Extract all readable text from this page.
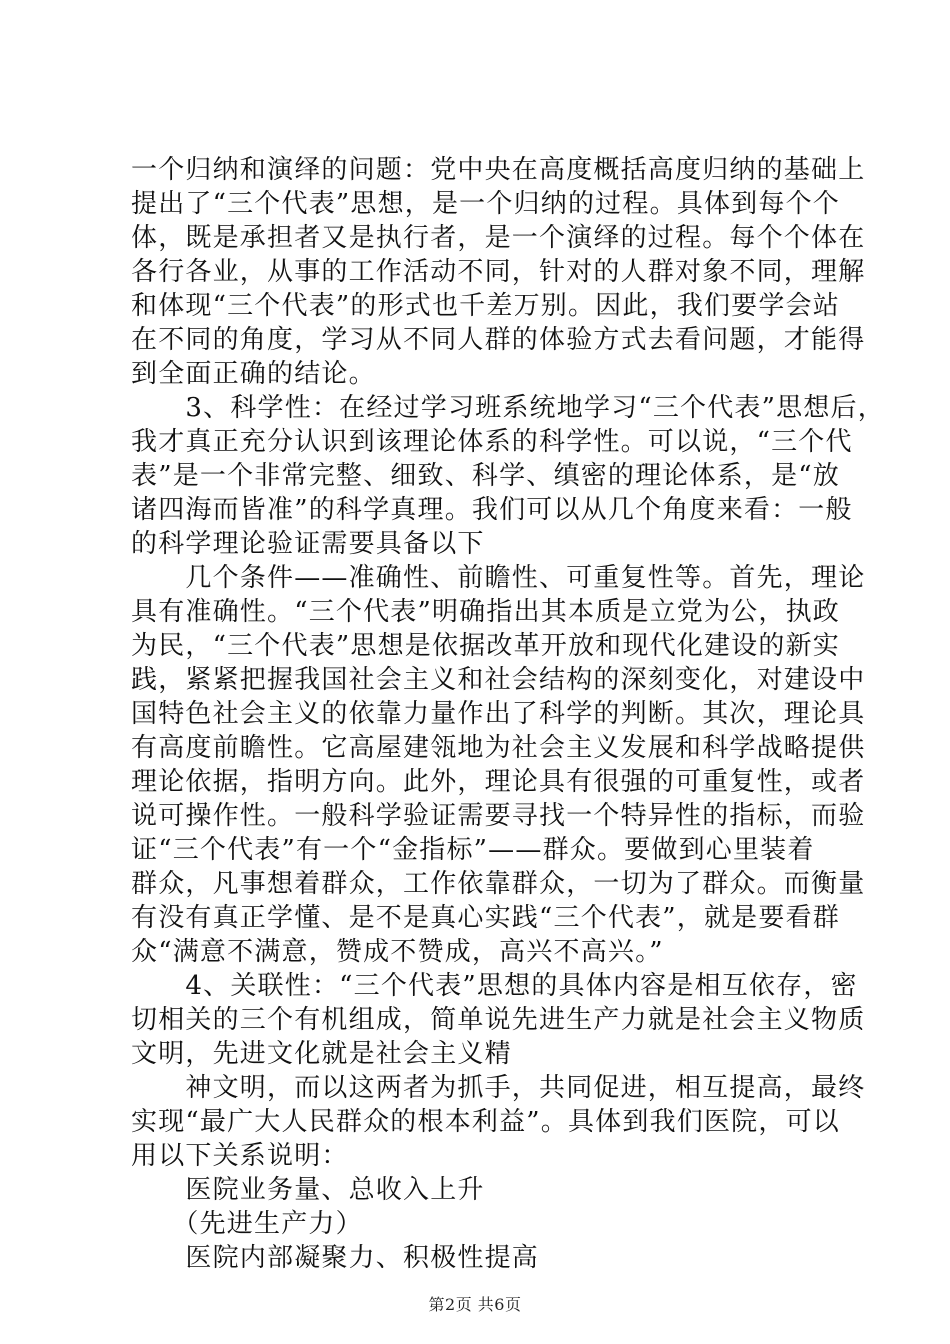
一个归纳和演绎的问题：党中央在高度概括高度归纳的基础上
提出了“三个代表”思想，是一个归纳的过程。具体到每个个
体，既是承担者又是执行者，是一个演绎的过程。每个个体在
各行各业，从事的工作活动不同，针对的人群对象不同，理解
和体现“三个代表”的形式也千差万别。因此，我们要学会站
在不同的角度，学习从不同人群的体验方式去看问题，才能得
到全面正确的结论。
　　3、科学性：在经过学习班系统地学习“三个代表”思想后，
我才真正充分认识到该理论体系的科学性。可以说，“三个代
表”是一个非常完整、细致、科学、缜密的理论体系，是“放
诸四海而皆准”的科学真理。我们可以从几个角度来看：一般
的科学理论验证需要具备以下
　　几个条件——准确性、前瞻性、可重复性等。首先，理论
具有准确性。“三个代表”明确指出其本质是立党为公，执政
为民，“三个代表”思想是依据改革开放和现代化建设的新实
践，紧紧把握我国社会主义和社会结构的深刻变化，对建设中
国特色社会主义的依靠力量作出了科学的判断。其次，理论具
有高度前瞻性。它高屋建瓴地为社会主义发展和科学战略提供
理论依据，指明方向。此外，理论具有很强的可重复性，或者
说可操作性。一般科学验证需要寻找一个特异性的指标，而验
证“三个代表”有一个“金指标”——群众。要做到心里装着
群众，凡事想着群众，工作依靠群众，一切为了群众。而衡量
有没有真正学懂、是不是真心实践“三个代表”，就是要看群
众“满意不满意，赞成不赞成，高兴不高兴。”
　　4、关联性：“三个代表”思想的具体内容是相互依存，密
切相关的三个有机组成，简单说先进生产力就是社会主义物质
文明，先进文化就是社会主义精
　　神文明，而以这两者为抓手，共同促进，相互提高，最终
实现“最广大人民群众的根本利益”。具体到我们医院，可以
用以下关系说明：
　　医院业务量、总收入上升
　　（先进生产力）
　　医院内部凝聚力、积极性提高
第2页 共6页
